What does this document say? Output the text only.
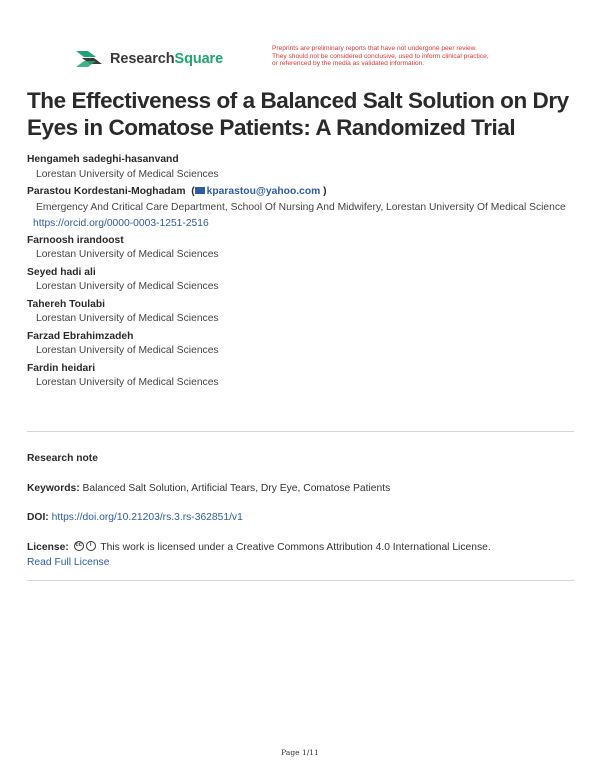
ResearchSquare
Preprints are preliminary reports that have not undergone peer review.
They should not be considered conclusive, used to inform clinical practice,
or referenced by the media as validated information.
The Effectiveness of a Balanced Salt Solution on Dry Eyes in Comatose Patients: A Randomized Trial
Hengameh sadeghi-hasanvand
Lorestan University of Medical Sciences
Parastou Kordestani-Moghadam  ( kparastou@yahoo.com )
Emergency And Critical Care Department, School Of Nursing And Midwifery, Lorestan University Of Medical Science https://orcid.org/0000-0003-1251-2516
Farnoosh irandoost
Lorestan University of Medical Sciences
Seyed hadi ali
Lorestan University of Medical Sciences
Tahereh Toulabi
Lorestan University of Medical Sciences
Farzad Ebrahimzadeh
Lorestan University of Medical Sciences
Fardin heidari
Lorestan University of Medical Sciences
Research note
Keywords: Balanced Salt Solution, Artificial Tears, Dry Eye, Comatose Patients
DOI: https://doi.org/10.21203/rs.3.rs-362851/v1
License: cc	i This work is licensed under a Creative Commons Attribution 4.0 International License.
Read Full License
Page 1/11
